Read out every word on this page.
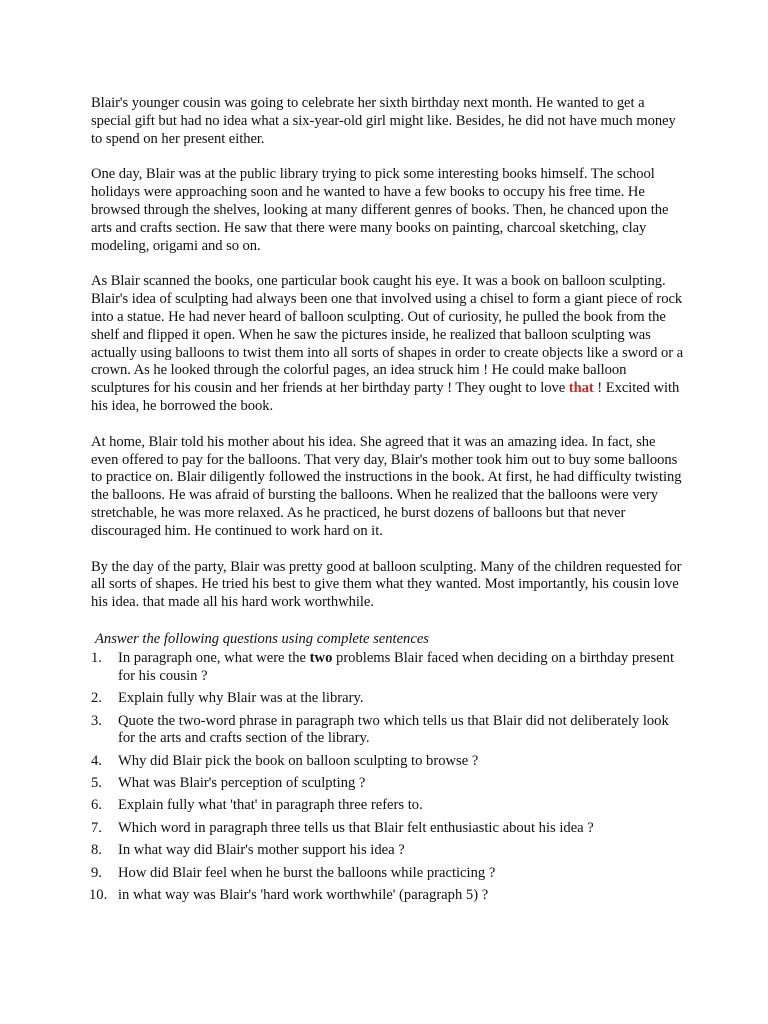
Blair's younger cousin was going to celebrate her sixth birthday next month. He wanted to get a special gift but had no idea what a six-year-old girl might like. Besides, he did not have much money to spend on her present either.

One day, Blair was at the public library trying to pick some interesting books himself. The school holidays were approaching soon and he wanted to have a few books to occupy his free time. He browsed through the shelves, looking at many different genres of books. Then, he chanced upon the arts and crafts section. He saw that there were many books on painting, charcoal sketching, clay modeling, origami and so on.

As Blair scanned the books, one particular book caught his eye. It was a book on balloon sculpting. Blair's idea of sculpting had always been one that involved using a chisel to form a giant piece of rock into a statue. He had never heard of balloon sculpting. Out of curiosity, he pulled the book from the shelf and flipped it open. When he saw the pictures inside, he realized that balloon sculpting was actually using balloons to twist them into all sorts of shapes in order to create objects like a sword or a crown. As he looked through the colorful pages, an idea struck him ! He could make balloon sculptures for his cousin and her friends at her birthday party ! They ought to love that ! Excited with his idea, he borrowed the book.

At home, Blair told his mother about his idea. She agreed that it was an amazing idea. In fact, she even offered to pay for the balloons. That very day, Blair's mother took him out to buy some balloons to practice on. Blair diligently followed the instructions in the book. At first, he had difficulty twisting the balloons. He was afraid of bursting the balloons. When he realized that the balloons were very stretchable, he was more relaxed. As he practiced, he burst dozens of balloons but that never discouraged him. He continued to work hard on it.

By the day of the party, Blair was pretty good at balloon sculpting. Many of the children requested for all sorts of shapes. He tried his best to give them what they wanted. Most importantly, his cousin love his idea. that made all his hard work worthwhile.

Answer the following questions using complete sentences
1. In paragraph one, what were the two problems Blair faced when deciding on a birthday present for his cousin ?
2. Explain fully why Blair was at the library.
3. Quote the two-word phrase in paragraph two which tells us that Blair did not deliberately look for the arts and crafts section of the library.
4. Why did Blair pick the book on balloon sculpting to browse ?
5. What was Blair's perception of sculpting ?
6. Explain fully what 'that' in paragraph three refers to.
7. Which word in paragraph three tells us that Blair felt enthusiastic about his idea ?
8. In what way did Blair's mother support his idea ?
9. How did Blair feel when he burst the balloons while practicing ?
10. in what way was Blair's 'hard work worthwhile' (paragraph 5) ?
